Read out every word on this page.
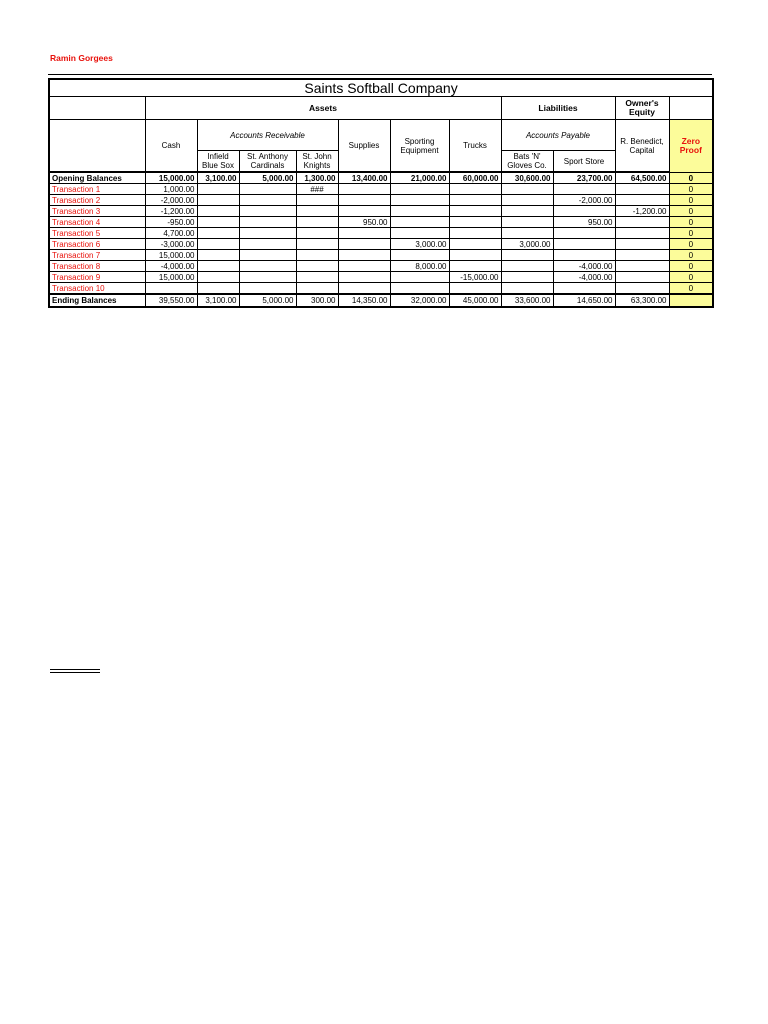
Ramin Gorgees
Saints Softball Company											
	Assets							Liabilities		Owner's Equity	
	Cash	Accounts Receivable			Supplies	Sporting Equipment	Trucks	Accounts Payable		R. Benedict, Capital	Zero Proof
		Infield Blue Sox	St. Anthony Cardinals	St. John Knights				Bats 'N' Gloves Co.	Sport Store		

Opening Balances	15,000.00	3,100.00	5,000.00	1,300.00	13,400.00	21,000.00	60,000.00	30,600.00	23,700.00	64,500.00	0
Transaction 1	1,000.00			###							0
Transaction 2	-2,000.00								-2,000.00		0
Transaction 3	-1,200.00									-1,200.00	0
Transaction 4	-950.00				950.00				950.00		0
Transaction 5	4,700.00										0
Transaction 6	-3,000.00					3,000.00		3,000.00			0
Transaction 7	15,000.00										0
Transaction 8	-4,000.00					8,000.00			-4,000.00		0
Transaction 9	15,000.00						-15,000.00		-4,000.00		0
Transaction 10											0
Ending Balances	39,550.00	3,100.00	5,000.00	300.00	14,350.00	32,000.00	45,000.00	33,600.00	14,650.00	63,300.00	
